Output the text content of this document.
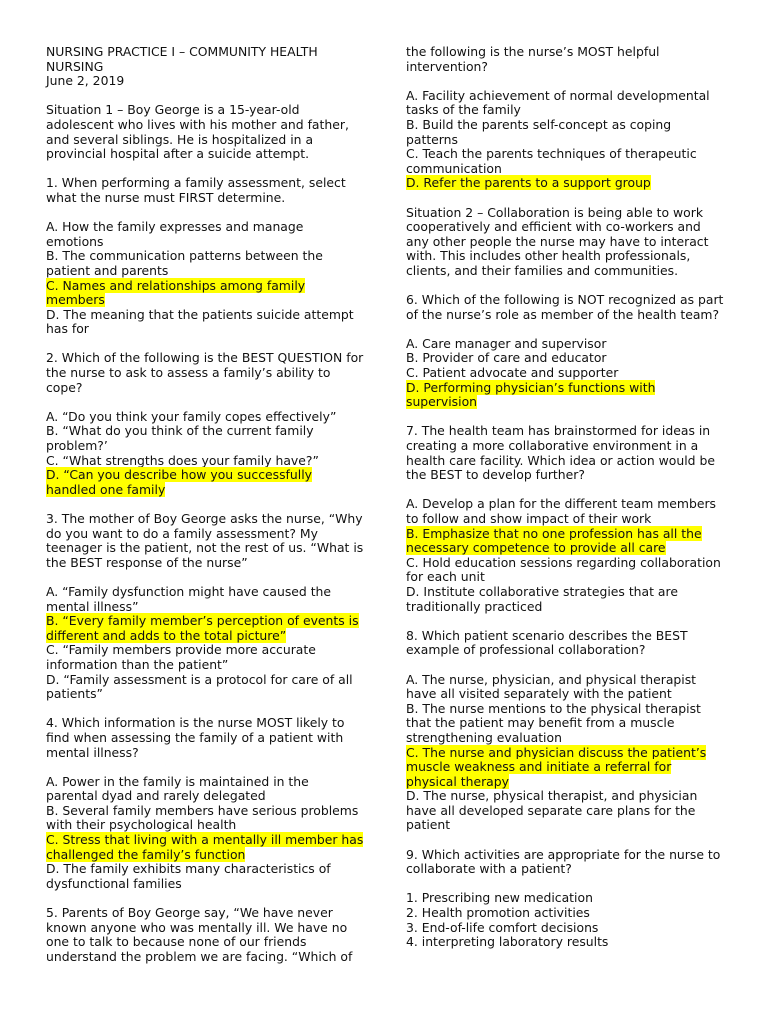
NURSING PRACTICE I – COMMUNITY HEALTH NURSING
June 2, 2019
Situation 1 – Boy George is a 15-year-old adolescent who lives with his mother and father, and several siblings. He is hospitalized in a provincial hospital after a suicide attempt.
1. When performing a family assessment, select what the nurse must FIRST determine.
A. How the family expresses and manage emotions
B. The communication patterns between the patient and parents
C. Names and relationships among family members
D. The meaning that the patients suicide attempt has for
2. Which of the following is the BEST QUESTION for the nurse to ask to assess a family’s ability to cope?
A. “Do you think your family copes effectively”
B. “What do you think of the current family problem?’
C. “What strengths does your family have?”
D. “Can you describe how you successfully handled one family
3. The mother of Boy George asks the nurse, “Why do you want to do a family assessment? My teenager is the patient, not the rest of us. “What is the BEST response of the nurse”
A. “Family dysfunction might have caused the mental illness”
B. “Every family member’s perception of events is different and adds to the total picture”
C. “Family members provide more accurate information than the patient”
D. “Family assessment is a protocol for care of all patients”
4. Which information is the nurse MOST likely to find when assessing the family of a patient with mental illness?
A. Power in the family is maintained in the parental dyad and rarely delegated
B. Several family members have serious problems with their psychological health
C. Stress that living with a mentally ill member has challenged the family’s function
D. The family exhibits many characteristics of dysfunctional families
5. Parents of Boy George say, “We have never known anyone who was mentally ill. We have no one to talk to because none of our friends understand the problem we are facing. “Which of
the following is the nurse’s MOST helpful intervention?
A. Facility achievement of normal developmental tasks of the family
B. Build the parents self-concept as coping patterns
C. Teach the parents techniques of therapeutic communication
D. Refer the parents to a support group
Situation 2 – Collaboration is being able to work cooperatively and efficient with co-workers and any other people the nurse may have to interact with. This includes other health professionals, clients, and their families and communities.
6. Which of the following is NOT recognized as part of the nurse’s role as member of the health team?
A. Care manager and supervisor
B. Provider of care and educator
C. Patient advocate and supporter
D. Performing physician’s functions with supervision
7. The health team has brainstormed for ideas in creating a more collaborative environment in a health care facility. Which idea or action would be the BEST to develop further?
A. Develop a plan for the different team members to follow and show impact of their work
B. Emphasize that no one profession has all the necessary competence to provide all care
C. Hold education sessions regarding collaboration for each unit
D. Institute collaborative strategies that are traditionally practiced
8. Which patient scenario describes the BEST example of professional collaboration?
A. The nurse, physician, and physical therapist have all visited separately with the patient
B. The nurse mentions to the physical therapist that the patient may benefit from a muscle strengthening evaluation
C. The nurse and physician discuss the patient’s muscle weakness and initiate a referral for physical therapy
D. The nurse, physical therapist, and physician have all developed separate care plans for the patient
9. Which activities are appropriate for the nurse to collaborate with a patient?
1. Prescribing new medication
2. Health promotion activities
3. End-of-life comfort decisions
4. interpreting laboratory results
